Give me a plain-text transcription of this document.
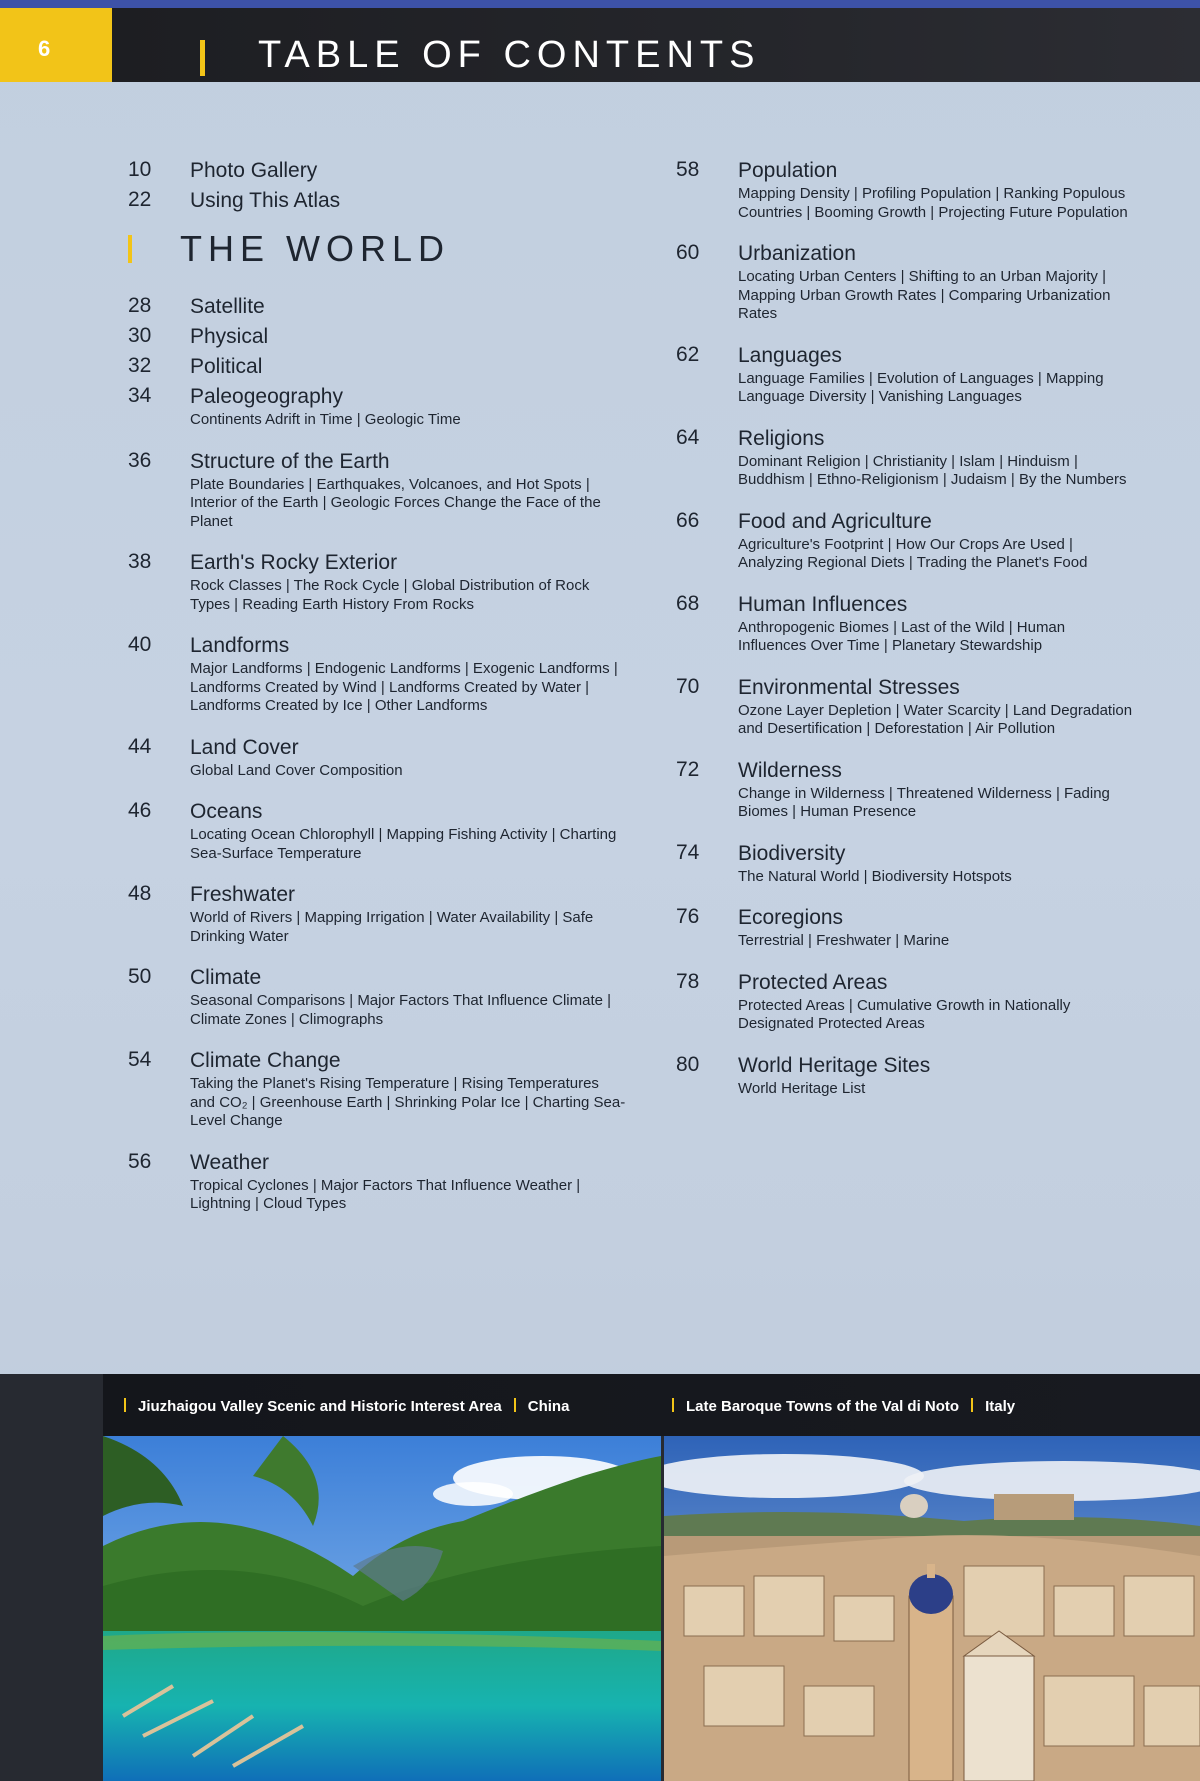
6	TABLE OF CONTENTS
10	Photo Gallery
22	Using This Atlas
THE WORLD
28	Satellite
30	Physical
32	Political
34	Paleogeography
Continents Adrift in Time | Geologic Time
36	Structure of the Earth
Plate Boundaries | Earthquakes, Volcanoes, and Hot Spots | Interior of the Earth | Geologic Forces Change the Face of the Planet
38	Earth's Rocky Exterior
Rock Classes | The Rock Cycle | Global Distribution of Rock Types | Reading Earth History From Rocks
40	Landforms
Major Landforms | Endogenic Landforms | Exogenic Landforms | Landforms Created by Wind | Landforms Created by Water | Landforms Created by Ice | Other Landforms
44	Land Cover
Global Land Cover Composition
46	Oceans
Locating Ocean Chlorophyll | Mapping Fishing Activity | Charting Sea-Surface Temperature
48	Freshwater
World of Rivers | Mapping Irrigation | Water Availability | Safe Drinking Water
50	Climate
Seasonal Comparisons | Major Factors That Influence Climate | Climate Zones | Climographs
54	Climate Change
Taking the Planet's Rising Temperature | Rising Temperatures and CO₂ | Greenhouse Earth | Shrinking Polar Ice | Charting Sea-Level Change
56	Weather
Tropical Cyclones | Major Factors That Influence Weather | Lightning | Cloud Types
58	Population
Mapping Density | Profiling Population | Ranking Populous Countries | Booming Growth | Projecting Future Population
60	Urbanization
Locating Urban Centers | Shifting to an Urban Majority | Mapping Urban Growth Rates | Comparing Urbanization Rates
62	Languages
Language Families | Evolution of Languages | Mapping Language Diversity | Vanishing Languages
64	Religions
Dominant Religion | Christianity | Islam | Hinduism | Buddhism | Ethno-Religionism | Judaism | By the Numbers
66	Food and Agriculture
Agriculture's Footprint | How Our Crops Are Used | Analyzing Regional Diets | Trading the Planet's Food
68	Human Influences
Anthropogenic Biomes | Last of the Wild | Human Influences Over Time | Planetary Stewardship
70	Environmental Stresses
Ozone Layer Depletion | Water Scarcity | Land Degradation and Desertification | Deforestation | Air Pollution
72	Wilderness
Change in Wilderness | Threatened Wilderness | Fading Biomes | Human Presence
74	Biodiversity
The Natural World | Biodiversity Hotspots
76	Ecoregions
Terrestrial | Freshwater | Marine
78	Protected Areas
Protected Areas | Cumulative Growth in Nationally Designated Protected Areas
80	World Heritage Sites
World Heritage List
Jiuzhaigou Valley Scenic and Historic Interest Area China	Late Baroque Towns of the Val di Noto Italy
